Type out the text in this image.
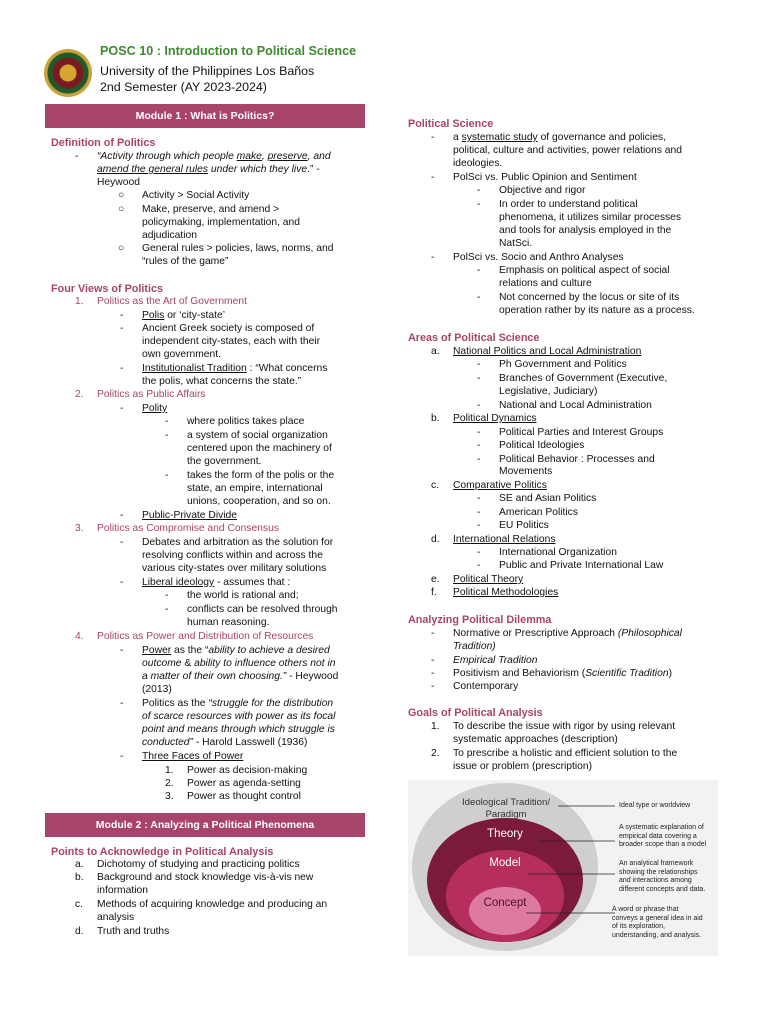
POSC 10 : Introduction to Political Science
University of the Philippines Los Baños
2nd Semester (AY 2023-2024)
Module 1 : What is Politics?
Definition of Politics
- “Activity through which people make, preserve, and
amend the general rules under which they live.” -
Heywood
○ Activity > Social Activity
○ Make, preserve, and amend >
policymaking, implementation, and
adjudication
○ General rules > policies, laws, norms, and
“rules of the game”
Four Views of Politics
1. Politics as the Art of Government
- Polis or ‘city-state’
- Ancient Greek society is composed of
independent city-states, each with their
own government.
- Institutionalist Tradition : “What concerns
the polis, what concerns the state.”
2. Politics as Public Affairs
- Polity
- where politics takes place
- a system of social organization
centered upon the machinery of
the government.
- takes the form of the polis or the
state, an empire, international
unions, cooperation, and so on.
- Public-Private Divide
3. Politics as Compromise and Consensus
- Debates and arbitration as the solution for
resolving conflicts within and across the
various city-states over military solutions
- Liberal ideology - assumes that :
- the world is rational and;
- conflicts can be resolved through
human reasoning.
4. Politics as Power and Distribution of Resources
- Power as the “ability to achieve a desired
outcome & ability to influence others not in
a matter of their own choosing.” - Heywood
(2013)
- Politics as the “struggle for the distribution
of scarce resources with power as its focal
point and means through which struggle is
conducted” - Harold Lasswell (1936)
- Three Faces of Power
1. Power as decision-making
2. Power as agenda-setting
3. Power as thought control
Module 2 : Analyzing a Political Phenomena
Points to Acknowledge in Political Analysis
a. Dichotomy of studying and practicing politics
b. Background and stock knowledge vis-à-vis new
information
c. Methods of acquiring knowledge and producing an
analysis
d. Truth and truths
Political Science
- a systematic study of governance and policies,
political, culture and activities, power relations and
ideologies.
- PolSci vs. Public Opinion and Sentiment
- Objective and rigor
- In order to understand political
phenomena, it utilizes similar processes
and tools for analysis employed in the
NatSci.
- PolSci vs. Socio and Anthro Analyses
- Emphasis on political aspect of social
relations and culture
- Not concerned by the locus or site of its
operation rather by its nature as a process.
Areas of Political Science
a. National Politics and Local Administration
- Ph Government and Politics
- Branches of Government (Executive,
Legislative, Judiciary)
- National and Local Administration
b. Political Dynamics
- Political Parties and Interest Groups
- Political Ideologies
- Political Behavior : Processes and
Movements
c. Comparative Politics
- SE and Asian Politics
- American Politics
- EU Politics
d. International Relations
- International Organization
- Public and Private International Law
e. Political Theory
f. Political Methodologies
Analyzing Political Dilemma
- Normative or Prescriptive Approach (Philosophical
Tradition)
- Empirical Tradition
- Positivism and Behaviorism (Scientific Tradition)
- Contemporary
Goals of Political Analysis
1. To describe the issue with rigor by using relevant
systematic approaches (description)
2. To prescribe a holistic and efficient solution to the
issue or problem (prescription)
Ideological Tradition/
Paradigm
Theory
Model
Concept
Ideal type or worldview
A systematic explanation of
empirical data covering a
broader scope than a model
An analytical framework
showing the relationships
and interactions among
different concepts and data.
A word or phrase that
conveys a general idea in aid
of its exploration,
understanding, and analysis.
